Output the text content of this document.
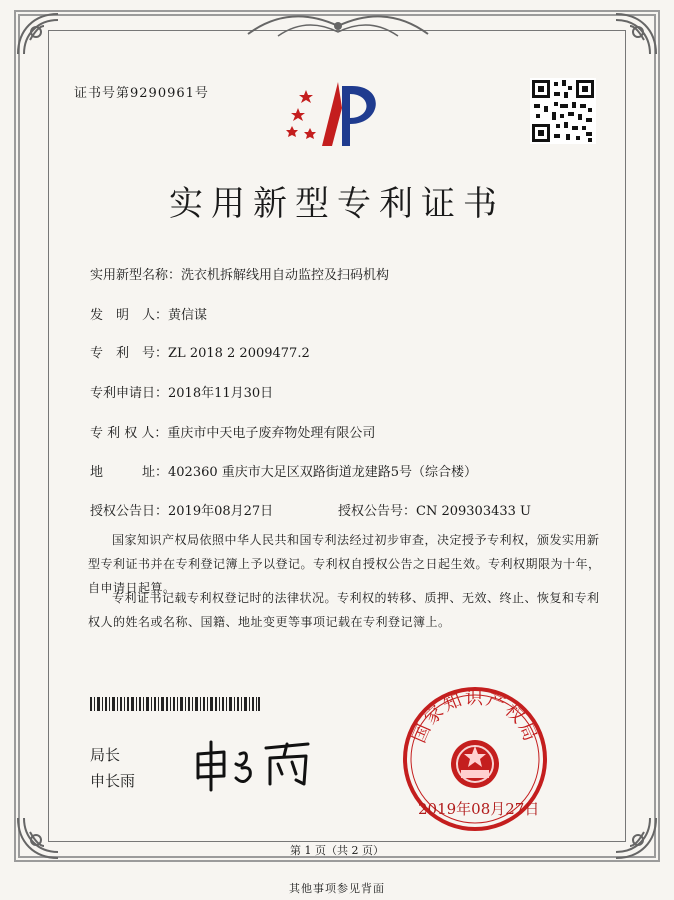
证书号第9290961号
实用新型专利证书
实用新型名称：洗衣机拆解线用自动监控及扫码机构
发　明　人：黄信谋
专　利　号：ZL 2018 2 2009477.2
专利申请日：2018年11月30日
专 利 权 人：重庆市中天电子废弃物处理有限公司
地　　　址：402360 重庆市大足区双路街道龙建路5号（综合楼）
授权公告日：2019年08月27日	授权公告号：CN 209303433 U
国家知识产权局依照中华人民共和国专利法经过初步审查，决定授予专利权，颁发实用新型专利证书并在专利登记簿上予以登记。专利权自授权公告之日起生效。专利权期限为十年，自申请日起算。
专利证书记载专利权登记时的法律状况。专利权的转移、质押、无效、终止、恢复和专利权人的姓名或名称、国籍、地址变更等事项记载在专利登记簿上。
局长
申长雨
国家知识产权局
2019年08月27日
第 1 页（共 2 页）
其他事项参见背面
